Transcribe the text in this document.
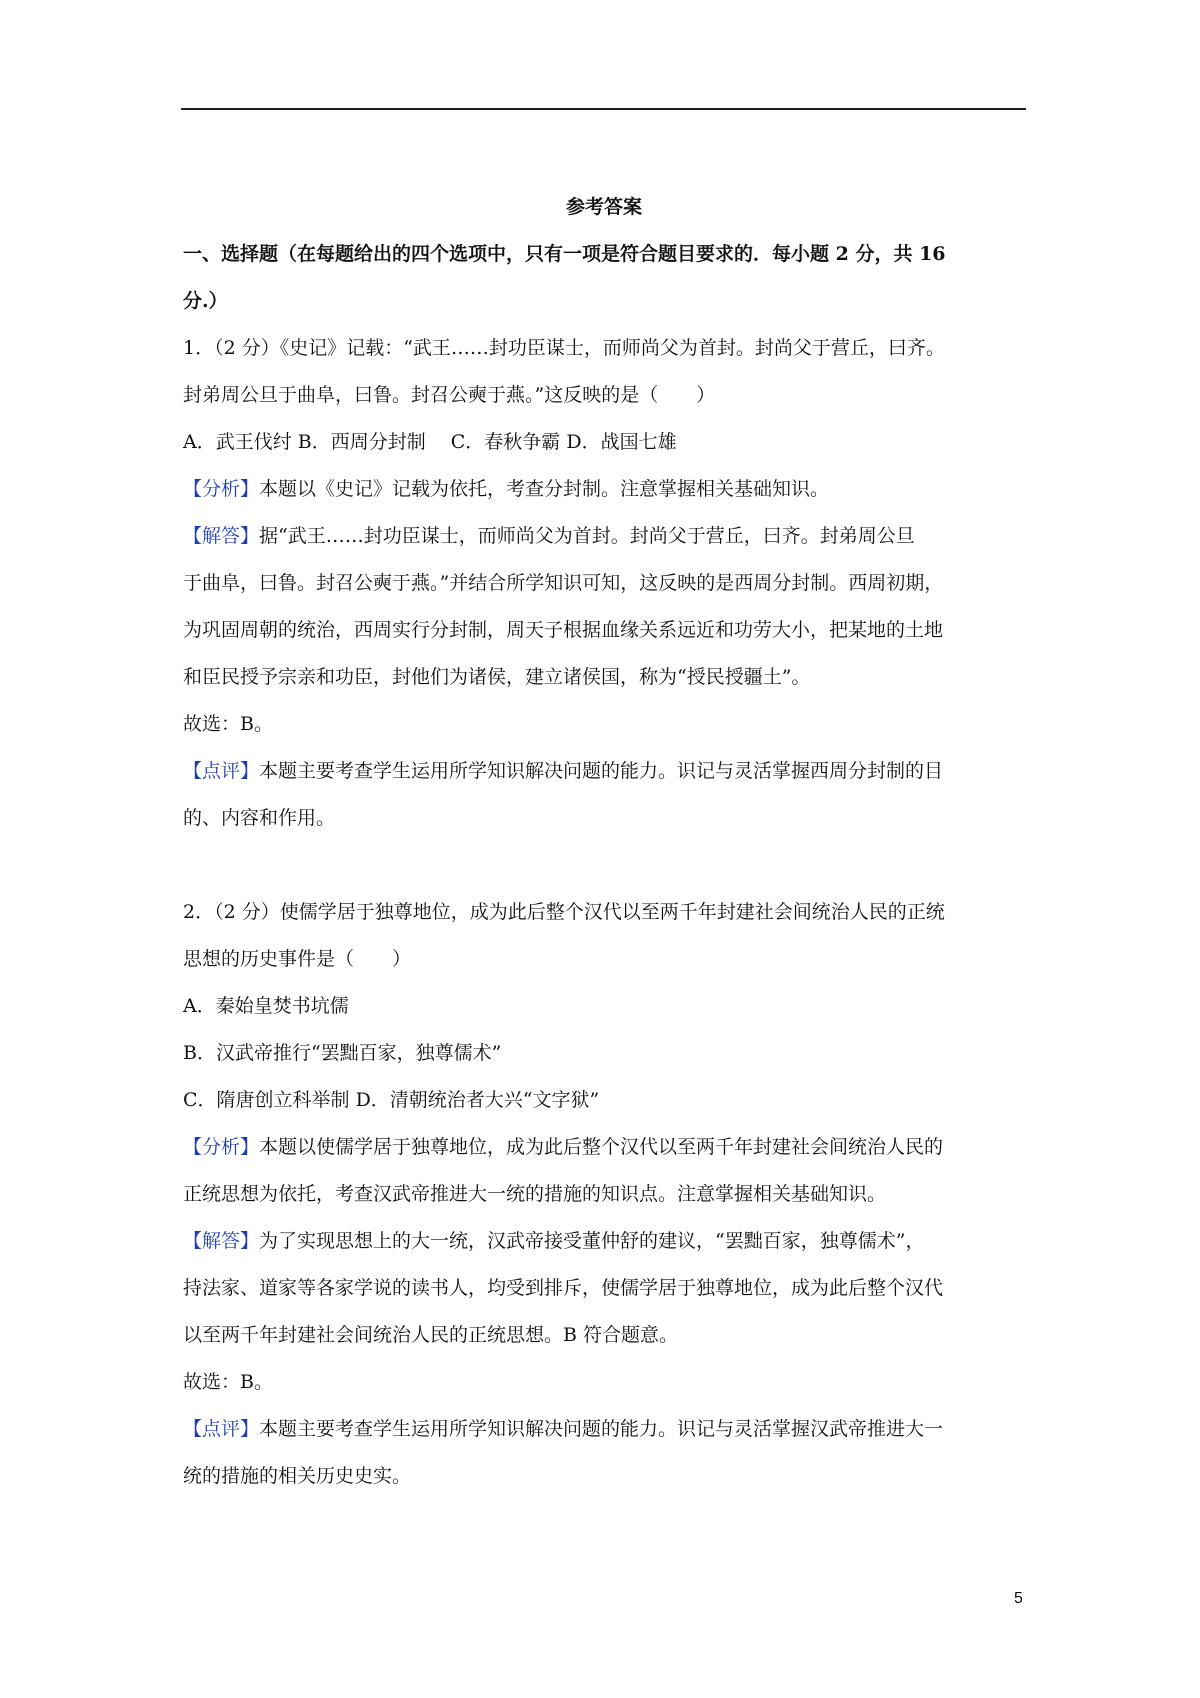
参考答案
一、选择题（在每题给出的四个选项中，只有一项是符合题目要求的．每小题 2 分，共 16
分.）
1．（2 分）《史记》记载：“武王……封功臣谋士，而师尚父为首封。封尚父于营丘，曰齐。
封弟周公旦于曲阜，曰鲁。封召公奭于燕。”这反映的是（　　）
A．武王伐纣 B．西周分封制　 C．春秋争霸 D．战国七雄
【分析】本题以《史记》记载为依托，考查分封制。注意掌握相关基础知识。
【解答】据“武王……封功臣谋士，而师尚父为首封。封尚父于营丘，曰齐。封弟周公旦
于曲阜，曰鲁。封召公奭于燕。”并结合所学知识可知，这反映的是西周分封制。西周初期，
为巩固周朝的统治，西周实行分封制，周天子根据血缘关系远近和功劳大小，把某地的土地
和臣民授予宗亲和功臣，封他们为诸侯，建立诸侯国，称为“授民授疆土”。
故选：B。
【点评】本题主要考查学生运用所学知识解决问题的能力。识记与灵活掌握西周分封制的目
的、内容和作用。
2．（2 分）使儒学居于独尊地位，成为此后整个汉代以至两千年封建社会间统治人民的正统
思想的历史事件是（　　）
A．秦始皇焚书坑儒
B．汉武帝推行“罢黜百家，独尊儒术”
C．隋唐创立科举制 D．清朝统治者大兴“文字狱”
【分析】本题以使儒学居于独尊地位，成为此后整个汉代以至两千年封建社会间统治人民的
正统思想为依托，考查汉武帝推进大一统的措施的知识点。注意掌握相关基础知识。
【解答】为了实现思想上的大一统，汉武帝接受董仲舒的建议，“罢黜百家，独尊儒术”，
持法家、道家等各家学说的读书人，均受到排斥，使儒学居于独尊地位，成为此后整个汉代
以至两千年封建社会间统治人民的正统思想。B 符合题意。
故选：B。
【点评】本题主要考查学生运用所学知识解决问题的能力。识记与灵活掌握汉武帝推进大一
统的措施的相关历史史实。
5
